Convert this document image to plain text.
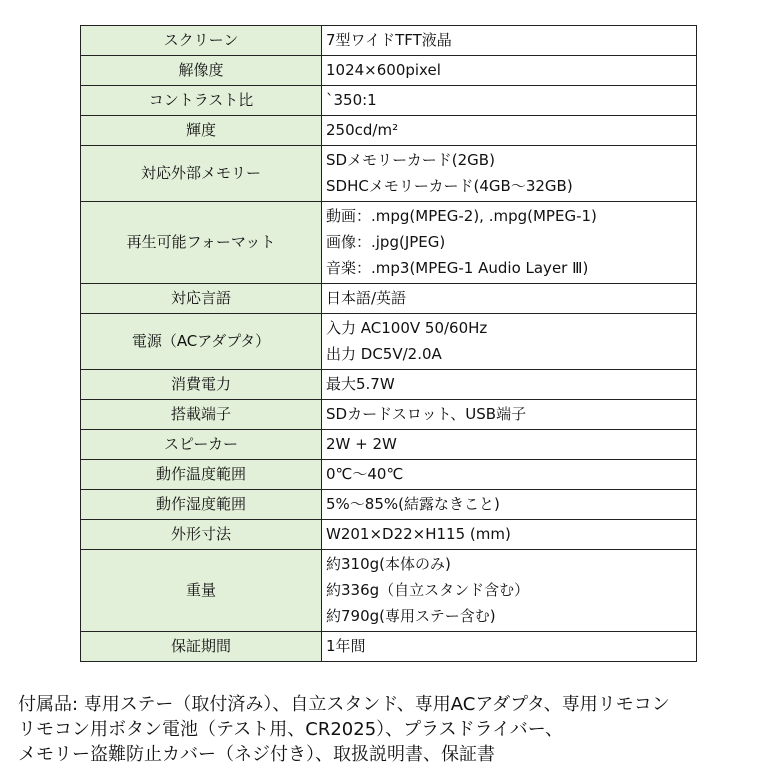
スクリーン	7型ワイドTFT液晶

解像度	1024×600pixel

コントラスト比	`350:1

輝度	250cd/m²

対応外部メモリー	SDメモリーカード(2GB)
SDHCメモリーカード(4GB～32GB)

再生可能フォーマット	動画：.mpg(MPEG-2), .mpg(MPEG-1)
画像：.jpg(JPEG)
音楽：.mp3(MPEG-1 Audio Layer Ⅲ)

対応言語	日本語/英語

電源（ACアダプタ）	入力 AC100V 50/60Hz
出力 DC5V/2.0A

消費電力	最大5.7W

搭載端子	SDカードスロット、USB端子

スピーカー	2W + 2W

動作温度範囲	0℃～40℃

動作湿度範囲	5%～85%(結露なきこと)

外形寸法	W201×D22×H115 (mm)

重量	約310g(本体のみ)
約336g（自立スタンド含む）
約790g(専用ステー含む)

保証期間	1年間
付属品: 専用ステー（取付済み）、自立スタンド、専用ACアダプタ、専用リモコン
リモコン用ボタン電池（テスト用、CR2025）、プラスドライバー、
メモリー盗難防止カバー（ネジ付き）、取扱説明書、保証書
